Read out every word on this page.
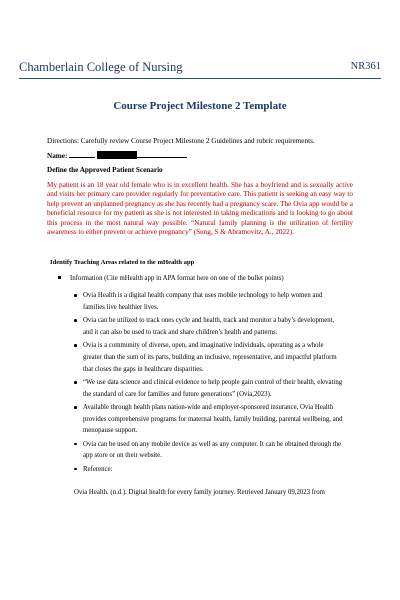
Chamberlain College of Nursing	NR361
Course Project Milestone 2 Template
Directions: Carefully review Course Project Milestone 2 Guidelines and rubric requirements.
Name:
Define the Approved Patient Scenario
My patient is an 18 year old female who is in excellent health. She has a boyfriend and is sexually active and visits her primary care provider regularly for preventative care. This patient is seeking an easy way to help prevent an unplanned pregnancy as she has recently had a pregnancy scare. The Ovia app would be a beneficial resource for my patient as she is not interested in taking medications and is looking to go about this process in the most natural way possible. “Natural family planning is the utilization of fertility awareness to either prevent or achieve pregnancy” (Sung, S & Abramovitz, A., 2022).
Identify Teaching Areas related to the mHealth app
Information (Cite mHealth app in APA format here on one of the bullet points)
Ovia Health is a digital health company that uses mobile technology to help women and families live healthier lives.
Ovia can be utilized to track ones cycle and health, track and monitor a baby’s development, and it can also be used to track and share children’s health and patterns.
Ovia is a community of diverse, open, and imaginative individuals, operating as a whole greater than the sum of its parts, building an inclusive, representative, and impactful platform that closes the gaps in healthcare disparities.
“We use data science and clinical evidence to help people gain control of their health, elevating the standard of care for families and future generations” (Ovia,2023).
Available through health plans nation-wide and employer-sponsored insurance, Ovia Health provides comprehensive programs for maternal health, family building, parental wellbeing, and menopause support.
Ovia can be used on any mobile device as well as any computer. It can be obtained through the app store or on their website.
Reference:
Ovia Health. (n.d.). Digital health for every family journey. Retrieved January 09,2023 from
